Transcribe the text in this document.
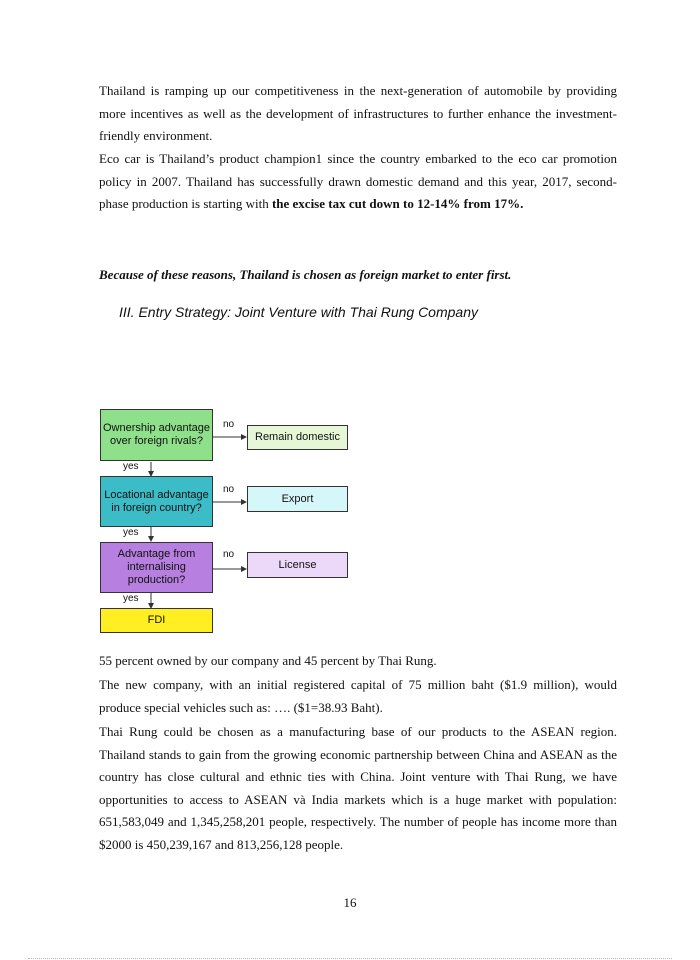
Thailand is ramping up our competitiveness in the next-generation of automobile by providing more incentives as well as the development of infrastructures to further enhance the investment-friendly environment.

Eco car is Thailand’s product champion1 since the country embarked to the eco car promotion policy in 2007. Thailand has successfully drawn domestic demand and this year, 2017, second-phase production is starting with the excise tax cut down to 12-14% from 17%.

Because of these reasons, Thailand is chosen as foreign market to enter first.

III. Entry Strategy: Joint Venture with Thai Rung Company

Ownership advantage over foreign rivals?
Locational advantage in foreign country?
Advantage from internalising production?
FDI
Remain domestic
Export
License
no
no
no
yes
yes
yes

55 percent owned by our company and 45 percent by Thai Rung.

The new company, with an initial registered capital of 75 million baht ($1.9 million), would produce special vehicles such as: …. ($1=38.93 Baht).

Thai Rung could be chosen as a manufacturing base of our products to the ASEAN region. Thailand stands to gain from the growing economic partnership between China and ASEAN as the country has close cultural and ethnic ties with China. Joint venture with Thai Rung, we have opportunities to access to ASEAN và India markets which is a huge market with population: 651,583,049 and 1,345,258,201 people, respectively. The number of people has income more than $2000 is 450,239,167 and 813,256,128 people.

16
